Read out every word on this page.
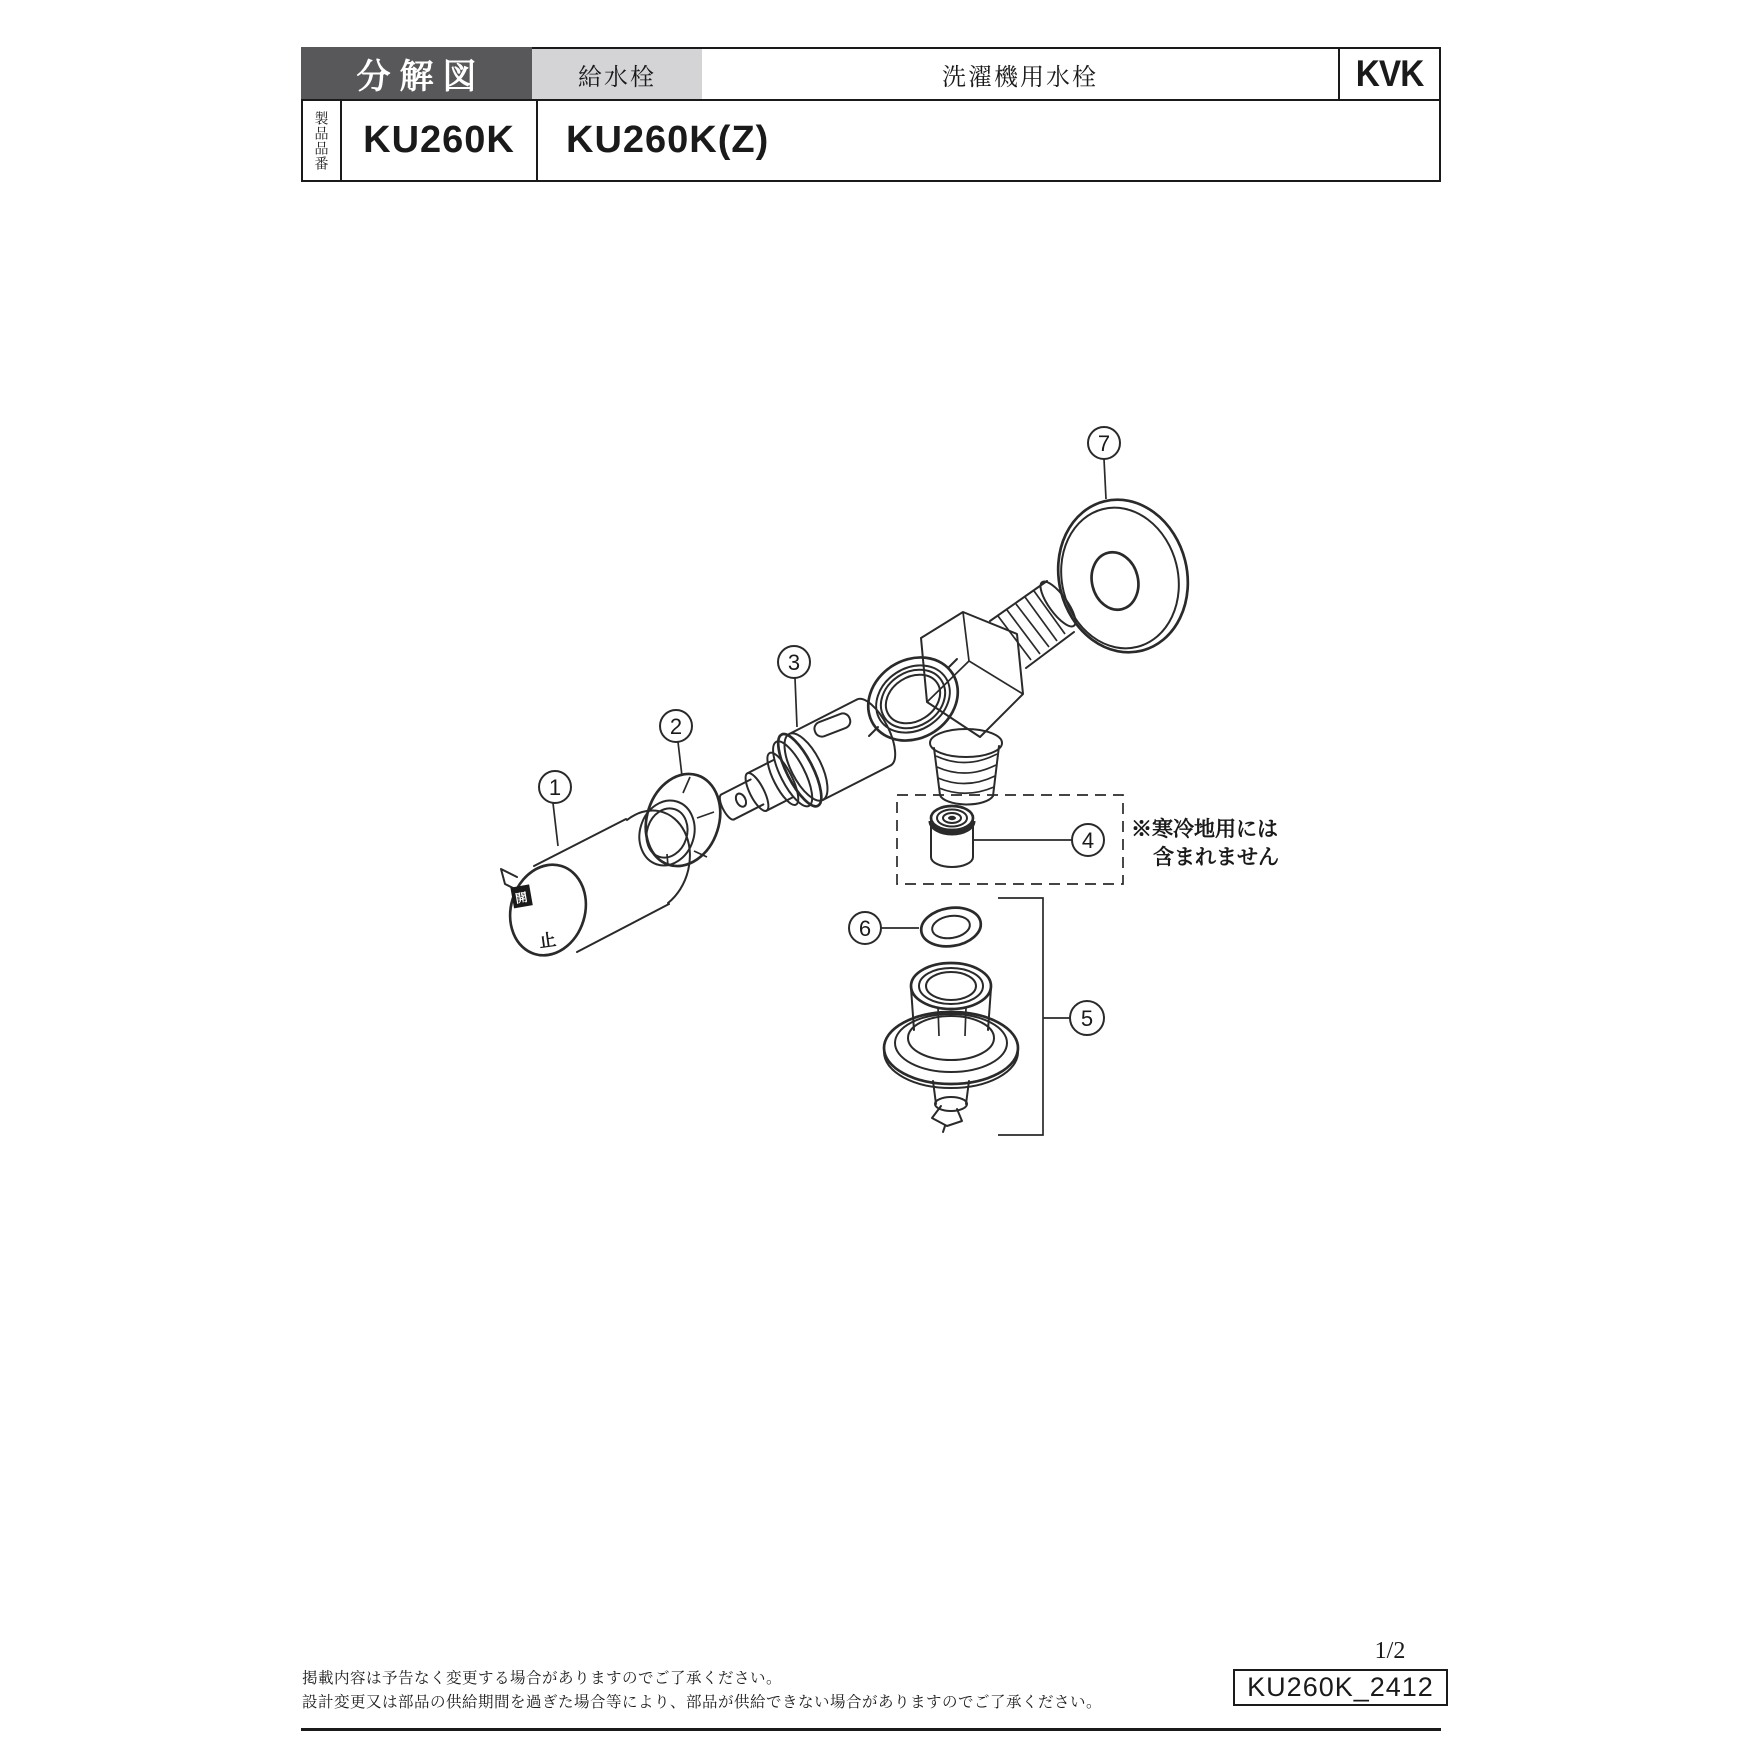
分解図	給水栓	洗濯機用水栓	KVK
製品品番 KU260K	KU260K(Z)
開
止
※寒冷地用には
含まれません
1
2
3
4
5
6
7
掲載内容は予告なく変更する場合がありますのでご了承ください。
設計変更又は部品の供給期間を過ぎた場合等により、部品が供給できない場合がありますのでご了承ください。
1/2
KU260K_2412
